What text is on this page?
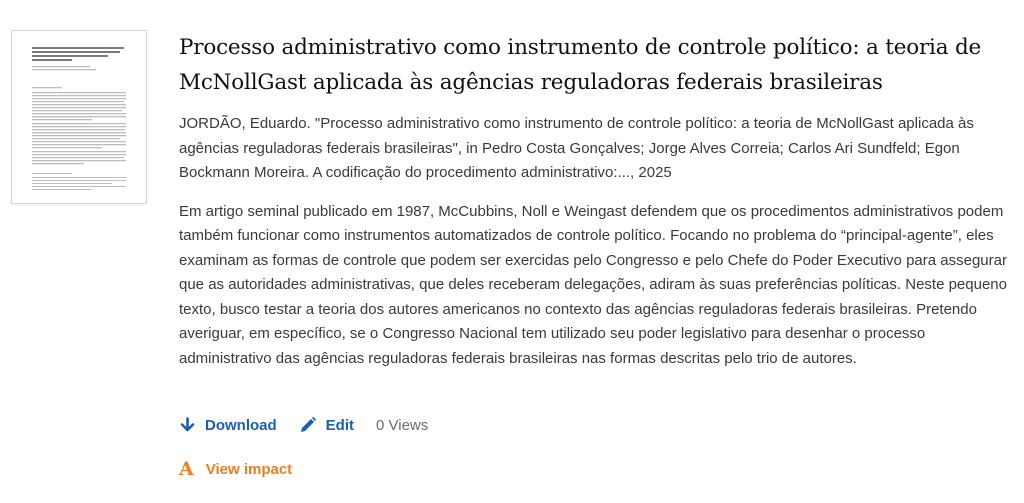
Processo administrativo como instrumento de controle político: a teoria de McNollGast aplicada às agências reguladoras federais brasileiras
JORDÃO, Eduardo. "Processo administrativo como instrumento de controle político: a teoria de McNollGast aplicada às agências reguladoras federais brasileiras", in Pedro Costa Gonçalves; Jorge Alves Correia; Carlos Ari Sundfeld; Egon Bockmann Moreira. A codificação do procedimento administrativo:..., 2025
Em artigo seminal publicado em 1987, McCubbins, Noll e Weingast defendem que os procedimentos administrativos podem também funcionar como instrumentos automatizados de controle político. Focando no problema do “principal-agente”, eles examinam as formas de controle que podem ser exercidas pelo Congresso e pelo Chefe do Poder Executivo para assegurar que as autoridades administrativas, que deles receberam delegações, adiram às suas preferências políticas. Neste pequeno texto, busco testar a teoria dos autores americanos no contexto das agências reguladoras federais brasileiras. Pretendo averiguar, em específico, se o Congresso Nacional tem utilizado seu poder legislativo para desenhar o processo administrativo das agências reguladoras federais brasileiras nas formas descritas pelo trio de autores.
Download	Edit 0 Views
A View impact
